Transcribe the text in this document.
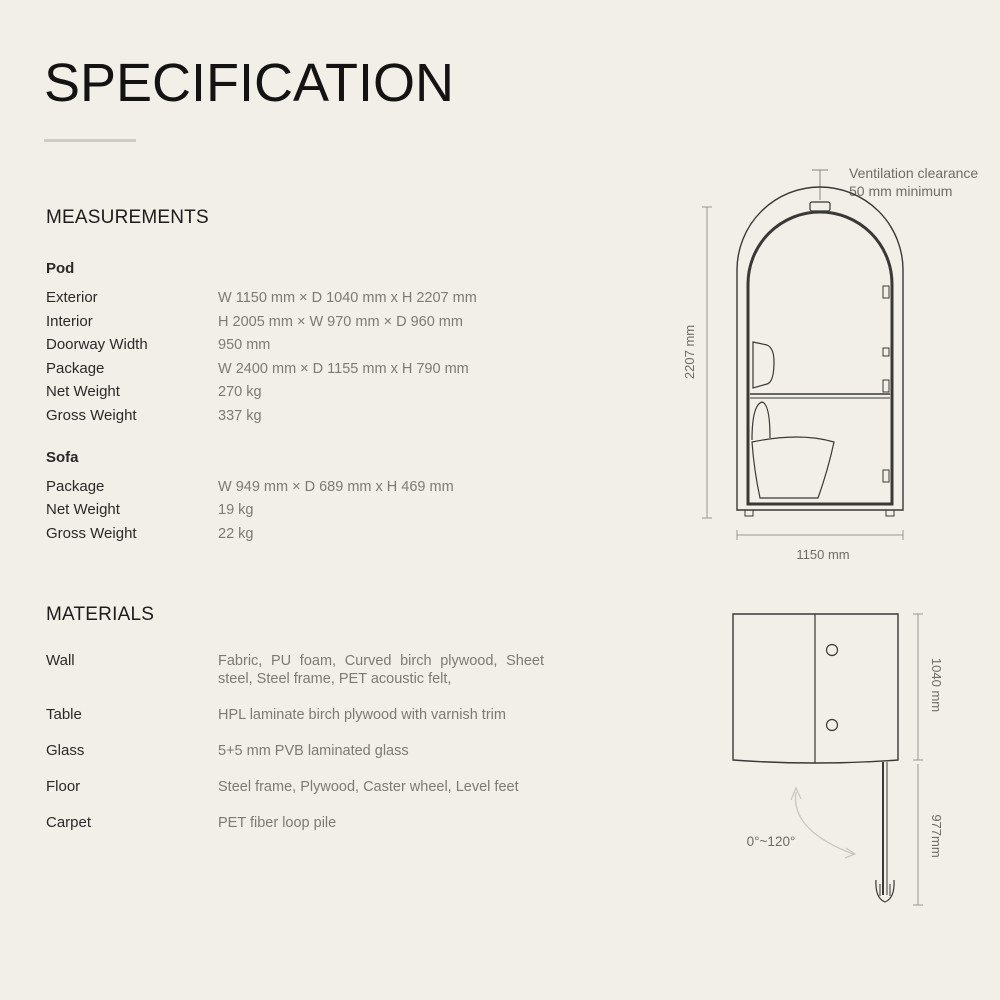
SPECIFICATION
MEASUREMENTS
Pod
Exterior	W 1150 mm × D 1040 mm x H 2207 mm
Interior	H 2005 mm × W 970 mm × D 960 mm
Doorway Width	950 mm
Package	W 2400 mm × D 1155 mm x H 790 mm
Net Weight	270 kg
Gross Weight	337 kg
Sofa
Package	W 949 mm × D 689 mm x H 469 mm
Net Weight	19 kg
Gross Weight	22 kg
MATERIALS
Wall	Fabric, PU foam, Curved birch plywood, Sheet steel, Steel frame, PET acoustic felt,
Table	HPL laminate birch plywood with varnish trim
Glass	5+5 mm PVB laminated glass
Floor	Steel frame, Plywood, Caster wheel, Level feet
Carpet	PET fiber loop pile
Ventilation clearance
50 mm minimum
2207 mm
1150 mm
1040 mm
977mm
0°~120°
